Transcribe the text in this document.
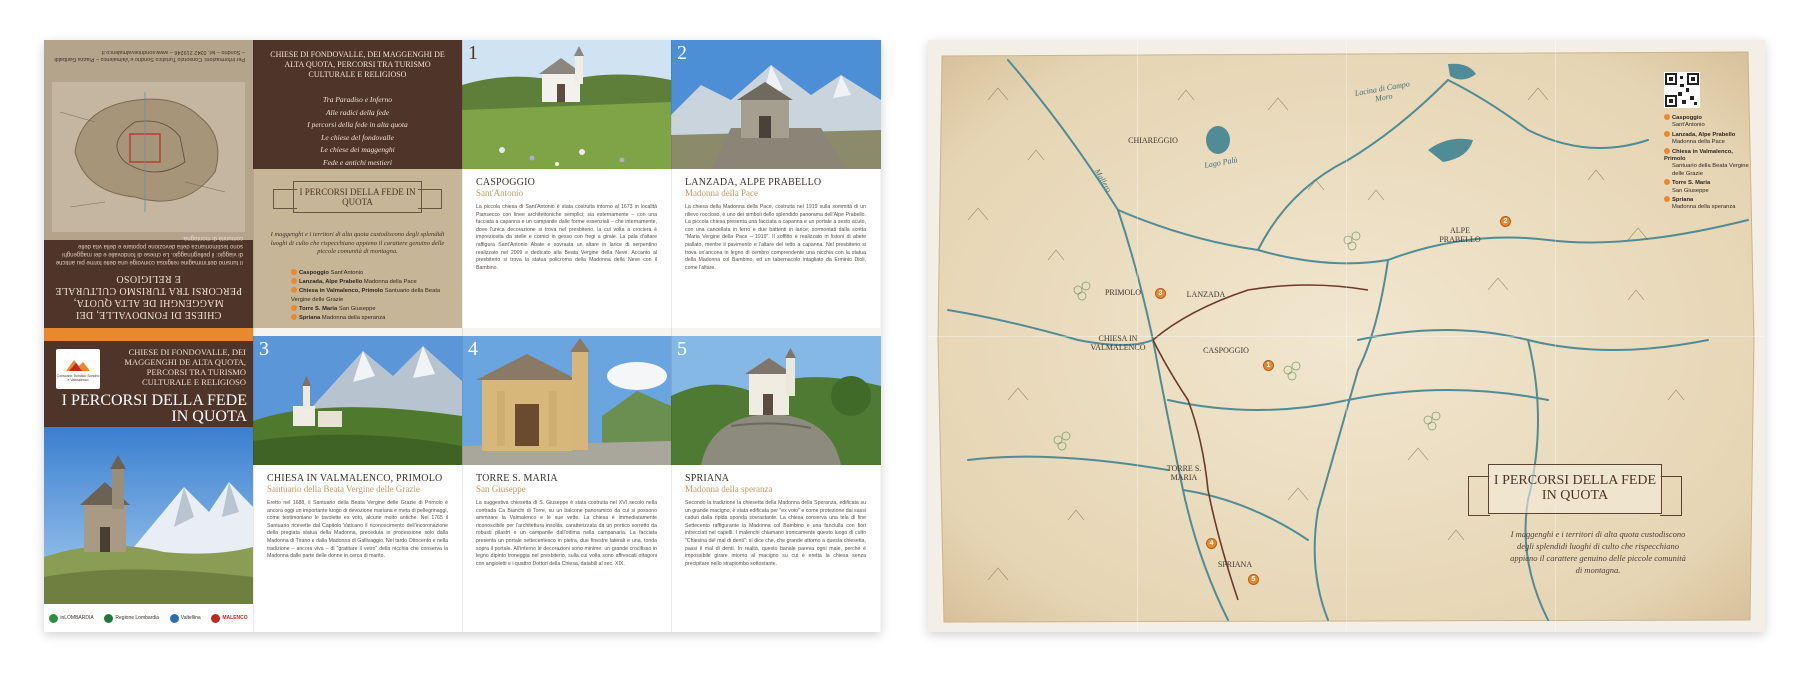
CHIESE DI FONDOVALLE, DEI MAGGENGHI DE ALTA QUOTA, PERCORSI TRA TURISMO CULTURALE E RELIGIOSO
Il turismo dell'immagine religiosa coinvolge una delle forme più antiche di viaggio: il pellegrinaggio. Le chiese di fondovalle e dei maggenghi sono testimonianza della devozione popolare e della vita delle comunità di montagna.
Per informazioni: Consorzio Turistico Sondrio e Valmalenco – Piazza Garibaldi – Sondrio – tel. 0342 219246 – www.sondrioevalmalenco.it
Consorzio Turistico Sondrio e Valmalenco
CHIESE DI FONDOVALLE, DEI MAGGENGHI DE ALTA QUOTA, PERCORSI TRA TURISMO CULTURALE E RELIGIOSO
I PERCORSI DELLA FEDE IN QUOTA
inLOMBARDIA	Regione Lombardia	Valtellina	MALENCO
CHIESE DI FONDOVALLE, DEI MAGGENGHI DE ALTA QUOTA, PERCORSI TRA TURISMO CULTURALE E RELIGIOSO
Tra Paradiso e Inferno
Alle radici della fede
I percorsi della fede in alta quota
Le chiese del fondovalle
Le chiese dei maggenghi
Fede e antichi mestieri
I PERCORSI DELLA FEDE IN QUOTA
I maggenghi e i territori di alta quota custodiscono degli splendidi luoghi di culto che rispecchiano appieno il carattere genuino delle piccole comunità di montagna.
Caspoggio Sant'Antonio
Lanzada, Alpe Prabello Madonna della Pace
Chiesa in Valmalenco, Primolo Santuario della Beata Vergine delle Grazie
Torre S. Maria San Giuseppe
Spriana Madonna della speranza
1
CASPOGGIO
Sant'Antonio
La piccola chiesa di Sant'Antonio è stata costruita intorno al 1673 in località Piansecco con linee architettoniche semplici; sia esternamente – con una facciata a capanna e un campanile dalle forme essenziali – che internamente, dove l'unica decorazione si trova nel presbiterio, la cui volta a crociera è impreziosita da stelle e cornici in gesso con fregi a girale. La pala d'altare raffigura Sant'Antonio Abate e sovrasta un altare in larice di serpentino realizzato nel 2009 e dedicato alla Beata Vergine della Neve. Accanto al presbiterio si trova la statua policroma della Madonna della Neve con il Bambino.
2
LANZADA, ALPE PRABELLO
Madonna della Pace
La chiesa della Madonna della Pace, costruita nel 1919 sulla sommità di un rilievo roccioso, è uno dei simboli dello splendido panorama dell'Alpe Prabello. La piccola chiesa presenta una facciata a capanna e un portale a sesto acuto, con una cancellata in ferro e due battenti in larice; sormontati dalla scritta "Maria Vergine della Pace – 1919". Il soffitto è realizzato in listoni di abete piallato, mentre il pavimento e l'altare del tetto a capanna. Nel presbiterio si trova un'ancona in legno di cembro comprendente una nicchia con la statua della Madonna col Bambino, ed un tabernacolo intagliato da Erminio Dioli, come l'altare.
3
CHIESA IN VALMALENCO, PRIMOLO
Santuario della Beata Vergine delle Grazie
Eretto nel 1688, il Santuario della Beata Vergine delle Grazie di Primolo è ancora oggi un importante luogo di devozione mariana e meta di pellegrinaggi, come testimoniano le tavolette ex voto, alcune molto antiche. Nel 1765 il Santuario ricevette dal Capitolo Vaticano il riconoscimento dell'incoronazione della pregiata statua della Madonna, preceduta in processione solo dalla Madonna di Tirano e dalla Madonna di Gallivaggio. Nel tardo Ottocento e nella tradizione – ancora viva – di "gratitare il vetro" della nicchia che conserva la Madonna dalle parte delle donne in cerca di marito.
4
TORRE S. MARIA
San Giuseppe
La suggestiva chiesetta di S. Giuseppe è stata costruita nel XVI secolo nella contrada Ca Bianchi di Torre, su un balcone panoramico da cui si possono ammirare la Valmalenco e le sue vette. La chiesa è immediatamente riconoscibile per l'architettura insolita, caratterizzata da un portico sorretto da robusti pilastri e un campanile dall'ottima nella campanaria. La facciata presenta un portale settecentesco in pietra, due finestre laterali e una, tonda sopra il portale. All'interno le decorazioni sono minime: un grande crocifisso in legno dipinto troneggia nel presbiterio, sulla cui volta sono affrescati ottagoni con angioletti e i quattro Dottori della Chiesa, databili al sec. XIX.
5
SPRIANA
Madonna della speranza
Secondo la tradizione la chiesetta della Madonna della Speranza, edificata su un grande macigno, è stata edificata per "ex voto" e come protezione dai sassi caduti dalla ripida sponda sovrastante. La chiesa conserva una tela di fine Settecento raffigurante la Madonna col Bambino e una fanciulla con fiori intrecciati nei capelli. I malenchi chiamano ironicamente questo luogo di culto "Chiesina del mal di denti": si dice che, che grande attorno a questa chiesetta, passi il mal di denti. In realtà, questo banale pareva ogni male, perché è impossibile girare intorno al macigno su cui è eretta la chiesa senza precipitare nello strapiombo sottostante.
Caspoggio
Sant'Antonio
Lanzada, Alpe Prabello
Madonna della Pace
Chiesa in Valmalenco, Primolo
Santuario della Beata Vergine delle Grazie
Torre S. Maria
San Giuseppe
Spriana
Madonna della speranza
CHIAREGGIO
PRIMOLO	LANZADA
CHIESA IN VALMALENCO	CASPOGGIO
TORRE S. MARIA
SPRIANA
ALPE PRABELLO
Lago Palù
Lacina di Campo Moro
Mallero
1
2
3
4
5
I PERCORSI DELLA FEDE IN QUOTA
I maggenghi e i territori di alta quota custodiscono degli splendidi luoghi di culto che rispecchiano appieno il carattere genuino delle piccole comunità di montagna.
